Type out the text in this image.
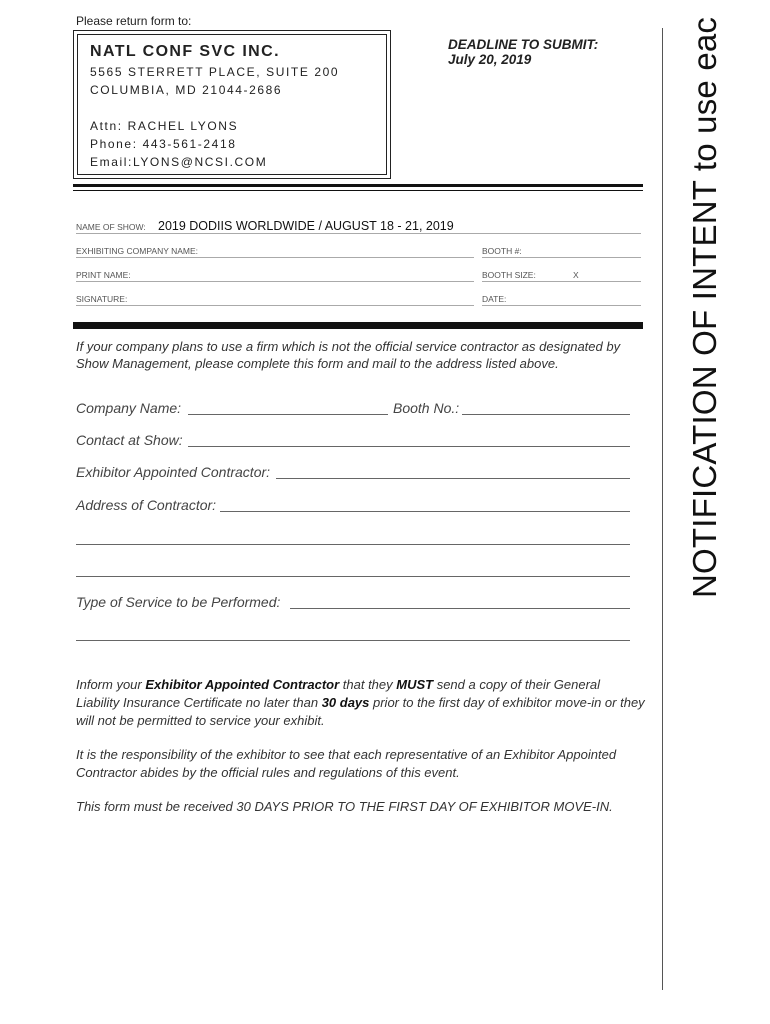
Please return form to:
NATL CONF SVC INC.
5565 STERRETT PLACE, SUITE 200
COLUMBIA, MD 21044-2686
Attn: RACHEL LYONS
Phone: 443-561-2418
Email:LYONS@NCSI.COM
DEADLINE TO SUBMIT:
July 20, 2019	NOTIFICATION OF INTENT to use eac
NAME OF SHOW: 2019 DODIIS WORLDWIDE / AUGUST 18 - 21, 2019
EXHIBITING COMPANY NAME:	BOOTH #:
PRINT NAME:	BOOTH SIZE:	X
SIGNATURE:	DATE:
If your company plans to use a firm which is not the official service contractor as designated by Show Management, please complete this form and mail to the address listed above.
Company Name:	Booth No.:
Contact at Show:
Exhibitor Appointed Contractor:
Address of Contractor:
Type of Service to be Performed:
Inform your Exhibitor Appointed Contractor that they MUST send a copy of their General Liability Insurance Certificate no later than 30 days prior to the first day of exhibitor move-in or they will not be permitted to service your exhibit.
It is the responsibility of the exhibitor to see that each representative of an Exhibitor Appointed Contractor abides by the official rules and regulations of this event.
This form must be received 30 DAYS PRIOR TO THE FIRST DAY OF EXHIBITOR MOVE-IN.
